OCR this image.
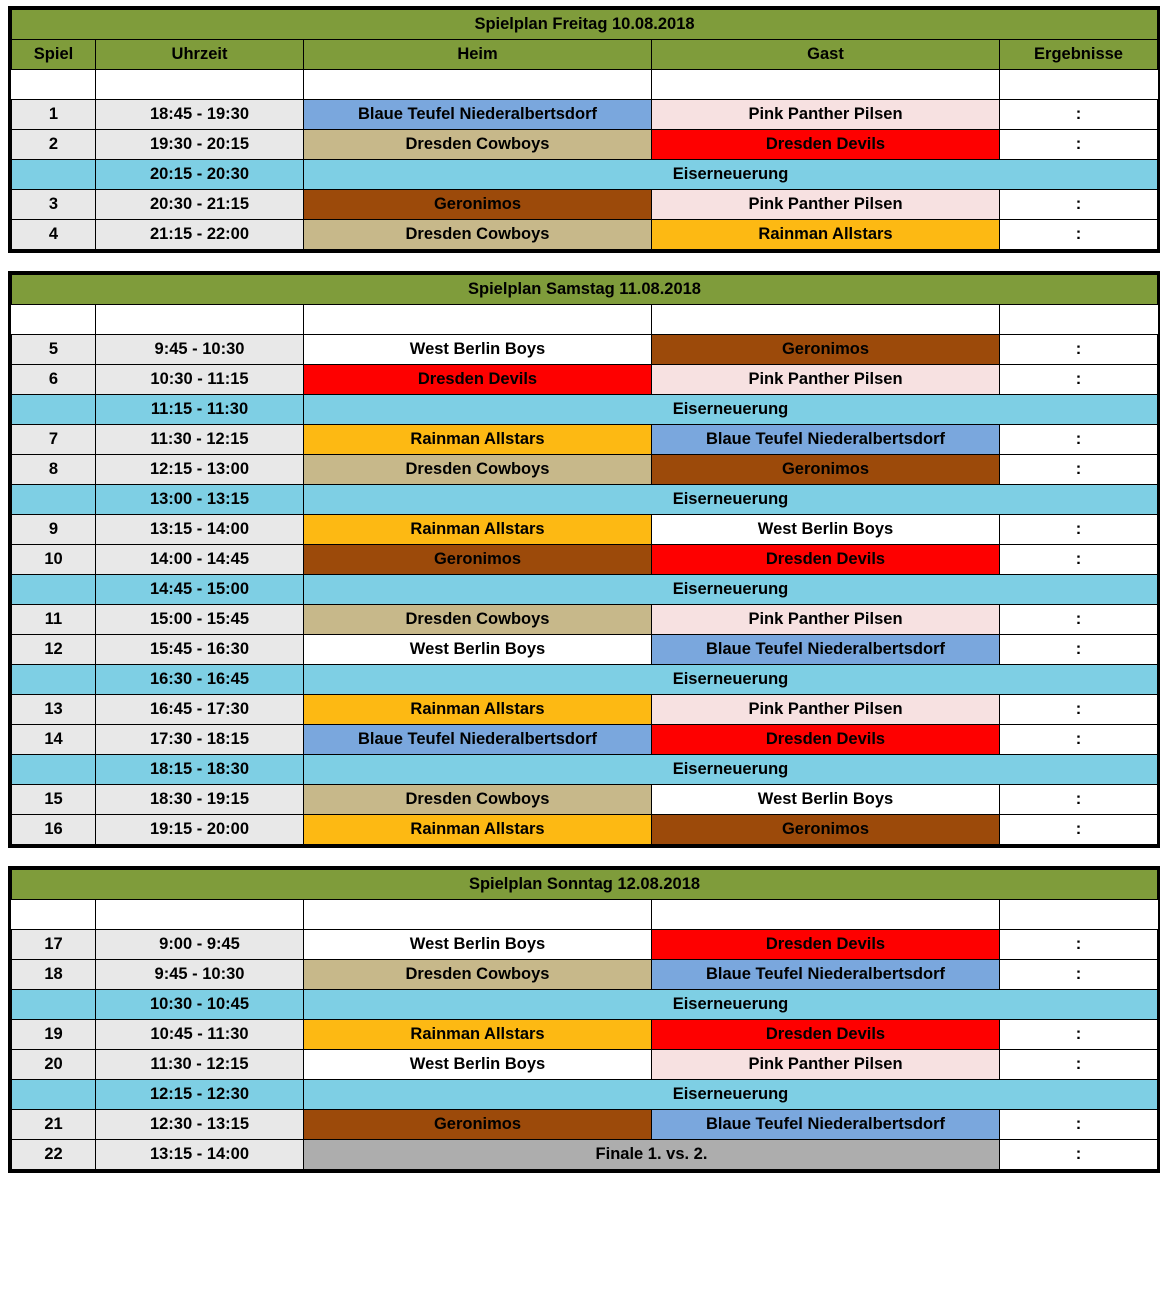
Spielplan Freitag 10.08.2018				
Spiel	Uhrzeit	Heim	Gast	Ergebnisse

1	18:45 - 19:30	Blaue Teufel Niederalbertsdorf	Pink Panther Pilsen	:
2	19:30 - 20:15	Dresden Cowboys	Dresden Devils	:
	20:15 - 20:30	Eiserneuerung		
3	20:30 - 21:15	Geronimos	Pink Panther Pilsen	:
4	21:15 - 22:00	Dresden Cowboys	Rainman Allstars	:
Spielplan Samstag 11.08.2018				

5	9:45 - 10:30	West Berlin Boys	Geronimos	:
6	10:30 - 11:15	Dresden Devils	Pink Panther Pilsen	:
	11:15 - 11:30	Eiserneuerung		
7	11:30 - 12:15	Rainman Allstars	Blaue Teufel Niederalbertsdorf	:
8	12:15 - 13:00	Dresden Cowboys	Geronimos	:
	13:00 - 13:15	Eiserneuerung		
9	13:15 - 14:00	Rainman Allstars	West Berlin Boys	:
10	14:00 - 14:45	Geronimos	Dresden Devils	:
	14:45 - 15:00	Eiserneuerung		
11	15:00 - 15:45	Dresden Cowboys	Pink Panther Pilsen	:
12	15:45 - 16:30	West Berlin Boys	Blaue Teufel Niederalbertsdorf	:
	16:30 - 16:45	Eiserneuerung		
13	16:45 - 17:30	Rainman Allstars	Pink Panther Pilsen	:
14	17:30 - 18:15	Blaue Teufel Niederalbertsdorf	Dresden Devils	:
	18:15 - 18:30	Eiserneuerung		
15	18:30 - 19:15	Dresden Cowboys	West Berlin Boys	:
16	19:15 - 20:00	Rainman Allstars	Geronimos	:
Spielplan Sonntag 12.08.2018				

17	9:00 - 9:45	West Berlin Boys	Dresden Devils	:
18	9:45 - 10:30	Dresden Cowboys	Blaue Teufel Niederalbertsdorf	:
	10:30 - 10:45	Eiserneuerung		
19	10:45 - 11:30	Rainman Allstars	Dresden Devils	:
20	11:30 - 12:15	West Berlin Boys	Pink Panther Pilsen	:
	12:15 - 12:30	Eiserneuerung		
21	12:30 - 13:15	Geronimos	Blaue Teufel Niederalbertsdorf	:
22	13:15 - 14:00	Finale 1. vs. 2.		:
